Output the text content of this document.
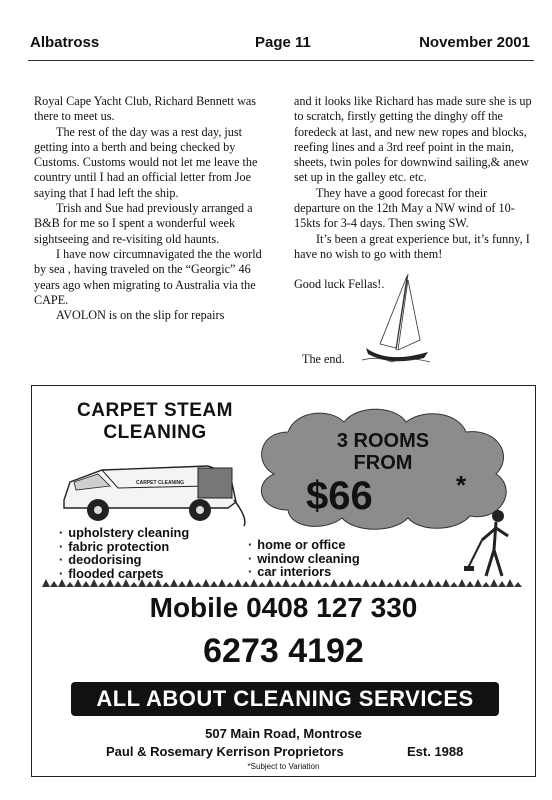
Albatross	Page 11	November 2001

Royal Cape Yacht Club, Richard Bennett was there to meet us.

The rest of the day was a rest day, just getting into a berth and being checked by Customs. Customs would not let me leave the country until I had an official letter from Joe saying that I had left the ship.

Trish and Sue had previously arranged a B&B for me so I spent a wonderful week sightseeing and re-visiting old haunts.

I have now circumnavigated the the world by sea , having traveled on the “Georgic” 46 years ago when migrating to Australia via the CAPE.

AVOLON is on the slip for repairs

and it looks like Richard has made sure she is up to scratch, firstly getting the dinghy off the foredeck at last, and new new ropes and blocks, reefing lines and a 3rd reef point in the main, sheets, twin poles for downwind sailing,& anew set up in the galley etc. etc.

They have a good forecast for their departure on the 12th May a NW wind of 10-15kts for 3-4 days. Then swing SW.

It’s been a great experience but, it’s funny, I have no wish to go with them!

Good luck Fellas!.

The end.
CARPET STEAM
CLEANING	3 ROOMS
FROM
$66	*
CARPET CLEANING
· upholstery cleaning
· fabric protection
· deodorising
· flooded carpets
· home or office
· window cleaning
· car interiors
Mobile 0408 127 330
6273 4192
ALL ABOUT CLEANING SERVICES
507 Main Road, Montrose
Paul & Rosemary Kerrison Proprietors	Est. 1988
*Subject to Variation
